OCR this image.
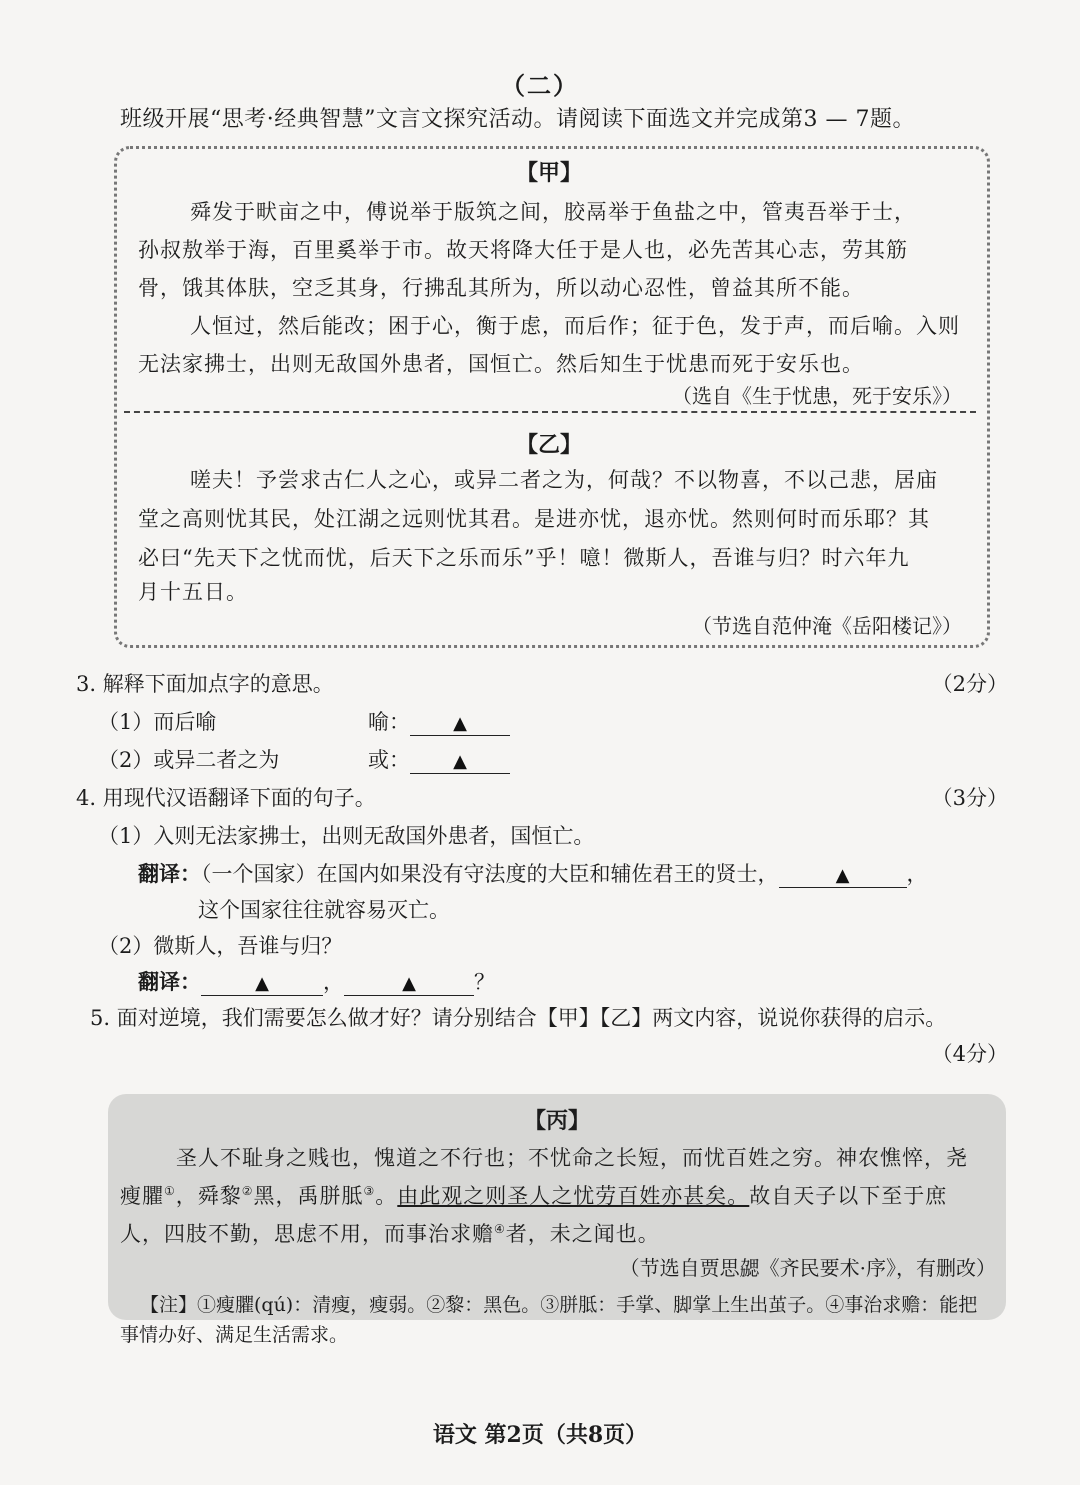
（二）
班级开展“思考·经典智慧”文言文探究活动。请阅读下面选文并完成第3 — 7题。
【甲】
舜发于畎亩之中，傅说举于版筑之间，胶鬲举于鱼盐之中，管夷吾举于士，
孙叔敖举于海，百里奚举于市。故天将降大任于是人也，必先苦其心志，劳其筋
骨，饿其体肤，空乏其身，行拂乱其所为，所以动心忍性，曾益其所不能。
人恒过，然后能改；困于心，衡于虑，而后作；征于色，发于声，而后喻。入则
无法家拂士，出则无敌国外患者，国恒亡。然后知生于忧患而死于安乐也。
（选自《生于忧患，死于安乐》）
【乙】
嗟夫！予尝求古仁人之心，或异二者之为，何哉？不以物喜，不以己悲，居庙
堂之高则忧其民，处江湖之远则忧其君。是进亦忧，退亦忧。然则何时而乐耶？其
必曰“先天下之忧而忧，后天下之乐而乐”乎！噫！微斯人，吾谁与归？时六年九
月十五日。
（节选自范仲淹《岳阳楼记》）
3. 解释下面加点字的意思。	（2分）
（1）而后喻	喻： ▲
（2）或异二者之为	或： ▲
4. 用现代汉语翻译下面的句子。	（3分）
（1）入则无法家拂士，出则无敌国外患者，国恒亡。
翻译：（一个国家）在国内如果没有守法度的大臣和辅佐君王的贤士，	▲	，
这个国家往往就容易灭亡。
（2）微斯人，吾谁与归？
翻译：	▲	，	▲	？
5. 面对逆境，我们需要怎么做才好？请分别结合【甲】【乙】两文内容，说说你获得的启示。
（4分）
【丙】
圣人不耻身之贱也，愧道之不行也；不忧命之长短，而忧百姓之穷。神农憔悴，尧
瘦臞①，舜黎②黑，禹胼胝③。由此观之则圣人之忧劳百姓亦甚矣。故自天子以下至于庶
人，四肢不勤，思虑不用，而事治求赡④者，未之闻也。
（节选自贾思勰《齐民要术·序》，有删改）
【注】①瘦臞(qú)：清瘦，瘦弱。②黎：黑色。③胼胝：手掌、脚掌上生出茧子。④事治求赡：能把
事情办好、满足生活需求。
语文 第2页（共8页）
